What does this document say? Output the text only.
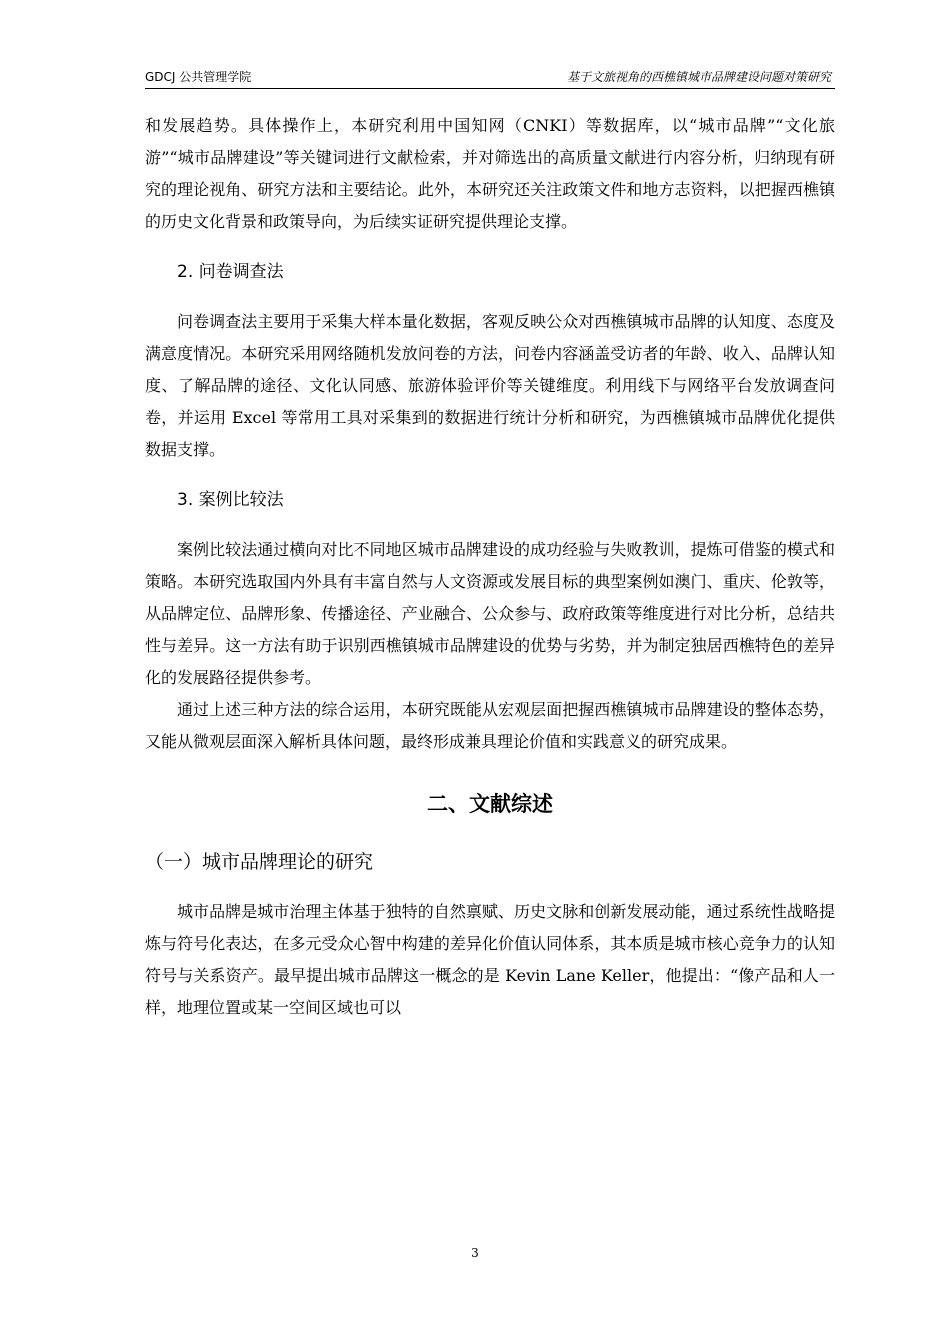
GDCJ 公共管理学院	基于文旅视角的西樵镇城市品牌建设问题对策研究

和发展趋势。具体操作上，本研究利用中国知网（CNKI）等数据库，以“城市品牌”“文化旅游”“城市品牌建设”等关键词进行文献检索，并对筛选出的高质量文献进行内容分析，归纳现有研究的理论视角、研究方法和主要结论。此外，本研究还关注政策文件和地方志资料，以把握西樵镇的历史文化背景和政策导向，为后续实证研究提供理论支撑。

2. 问卷调查法

问卷调查法主要用于采集大样本量化数据，客观反映公众对西樵镇城市品牌的认知度、态度及满意度情况。本研究采用网络随机发放问卷的方法，问卷内容涵盖受访者的年龄、收入、品牌认知度、了解品牌的途径、文化认同感、旅游体验评价等关键维度。利用线下与网络平台发放调查问卷，并运用 Excel 等常用工具对采集到的数据进行统计分析和研究，为西樵镇城市品牌优化提供数据支撑。

3. 案例比较法

案例比较法通过横向对比不同地区城市品牌建设的成功经验与失败教训，提炼可借鉴的模式和策略。本研究选取国内外具有丰富自然与人文资源或发展目标的典型案例如澳门、重庆、伦敦等，从品牌定位、品牌形象、传播途径、产业融合、公众参与、政府政策等维度进行对比分析，总结共性与差异。这一方法有助于识别西樵镇城市品牌建设的优势与劣势，并为制定独居西樵特色的差异化的发展路径提供参考。

通过上述三种方法的综合运用，本研究既能从宏观层面把握西樵镇城市品牌建设的整体态势，又能从微观层面深入解析具体问题，最终形成兼具理论价值和实践意义的研究成果。

二、文献综述
（一）城市品牌理论的研究

城市品牌是城市治理主体基于独特的自然禀赋、历史文脉和创新发展动能，通过系统性战略提炼与符号化表达，在多元受众心智中构建的差异化价值认同体系，其本质是城市核心竞争力的认知符号与关系资产。最早提出城市品牌这一概念的是 Kevin Lane Keller，他提出：“像产品和人一样，地理位置或某一空间区域也可以

3
